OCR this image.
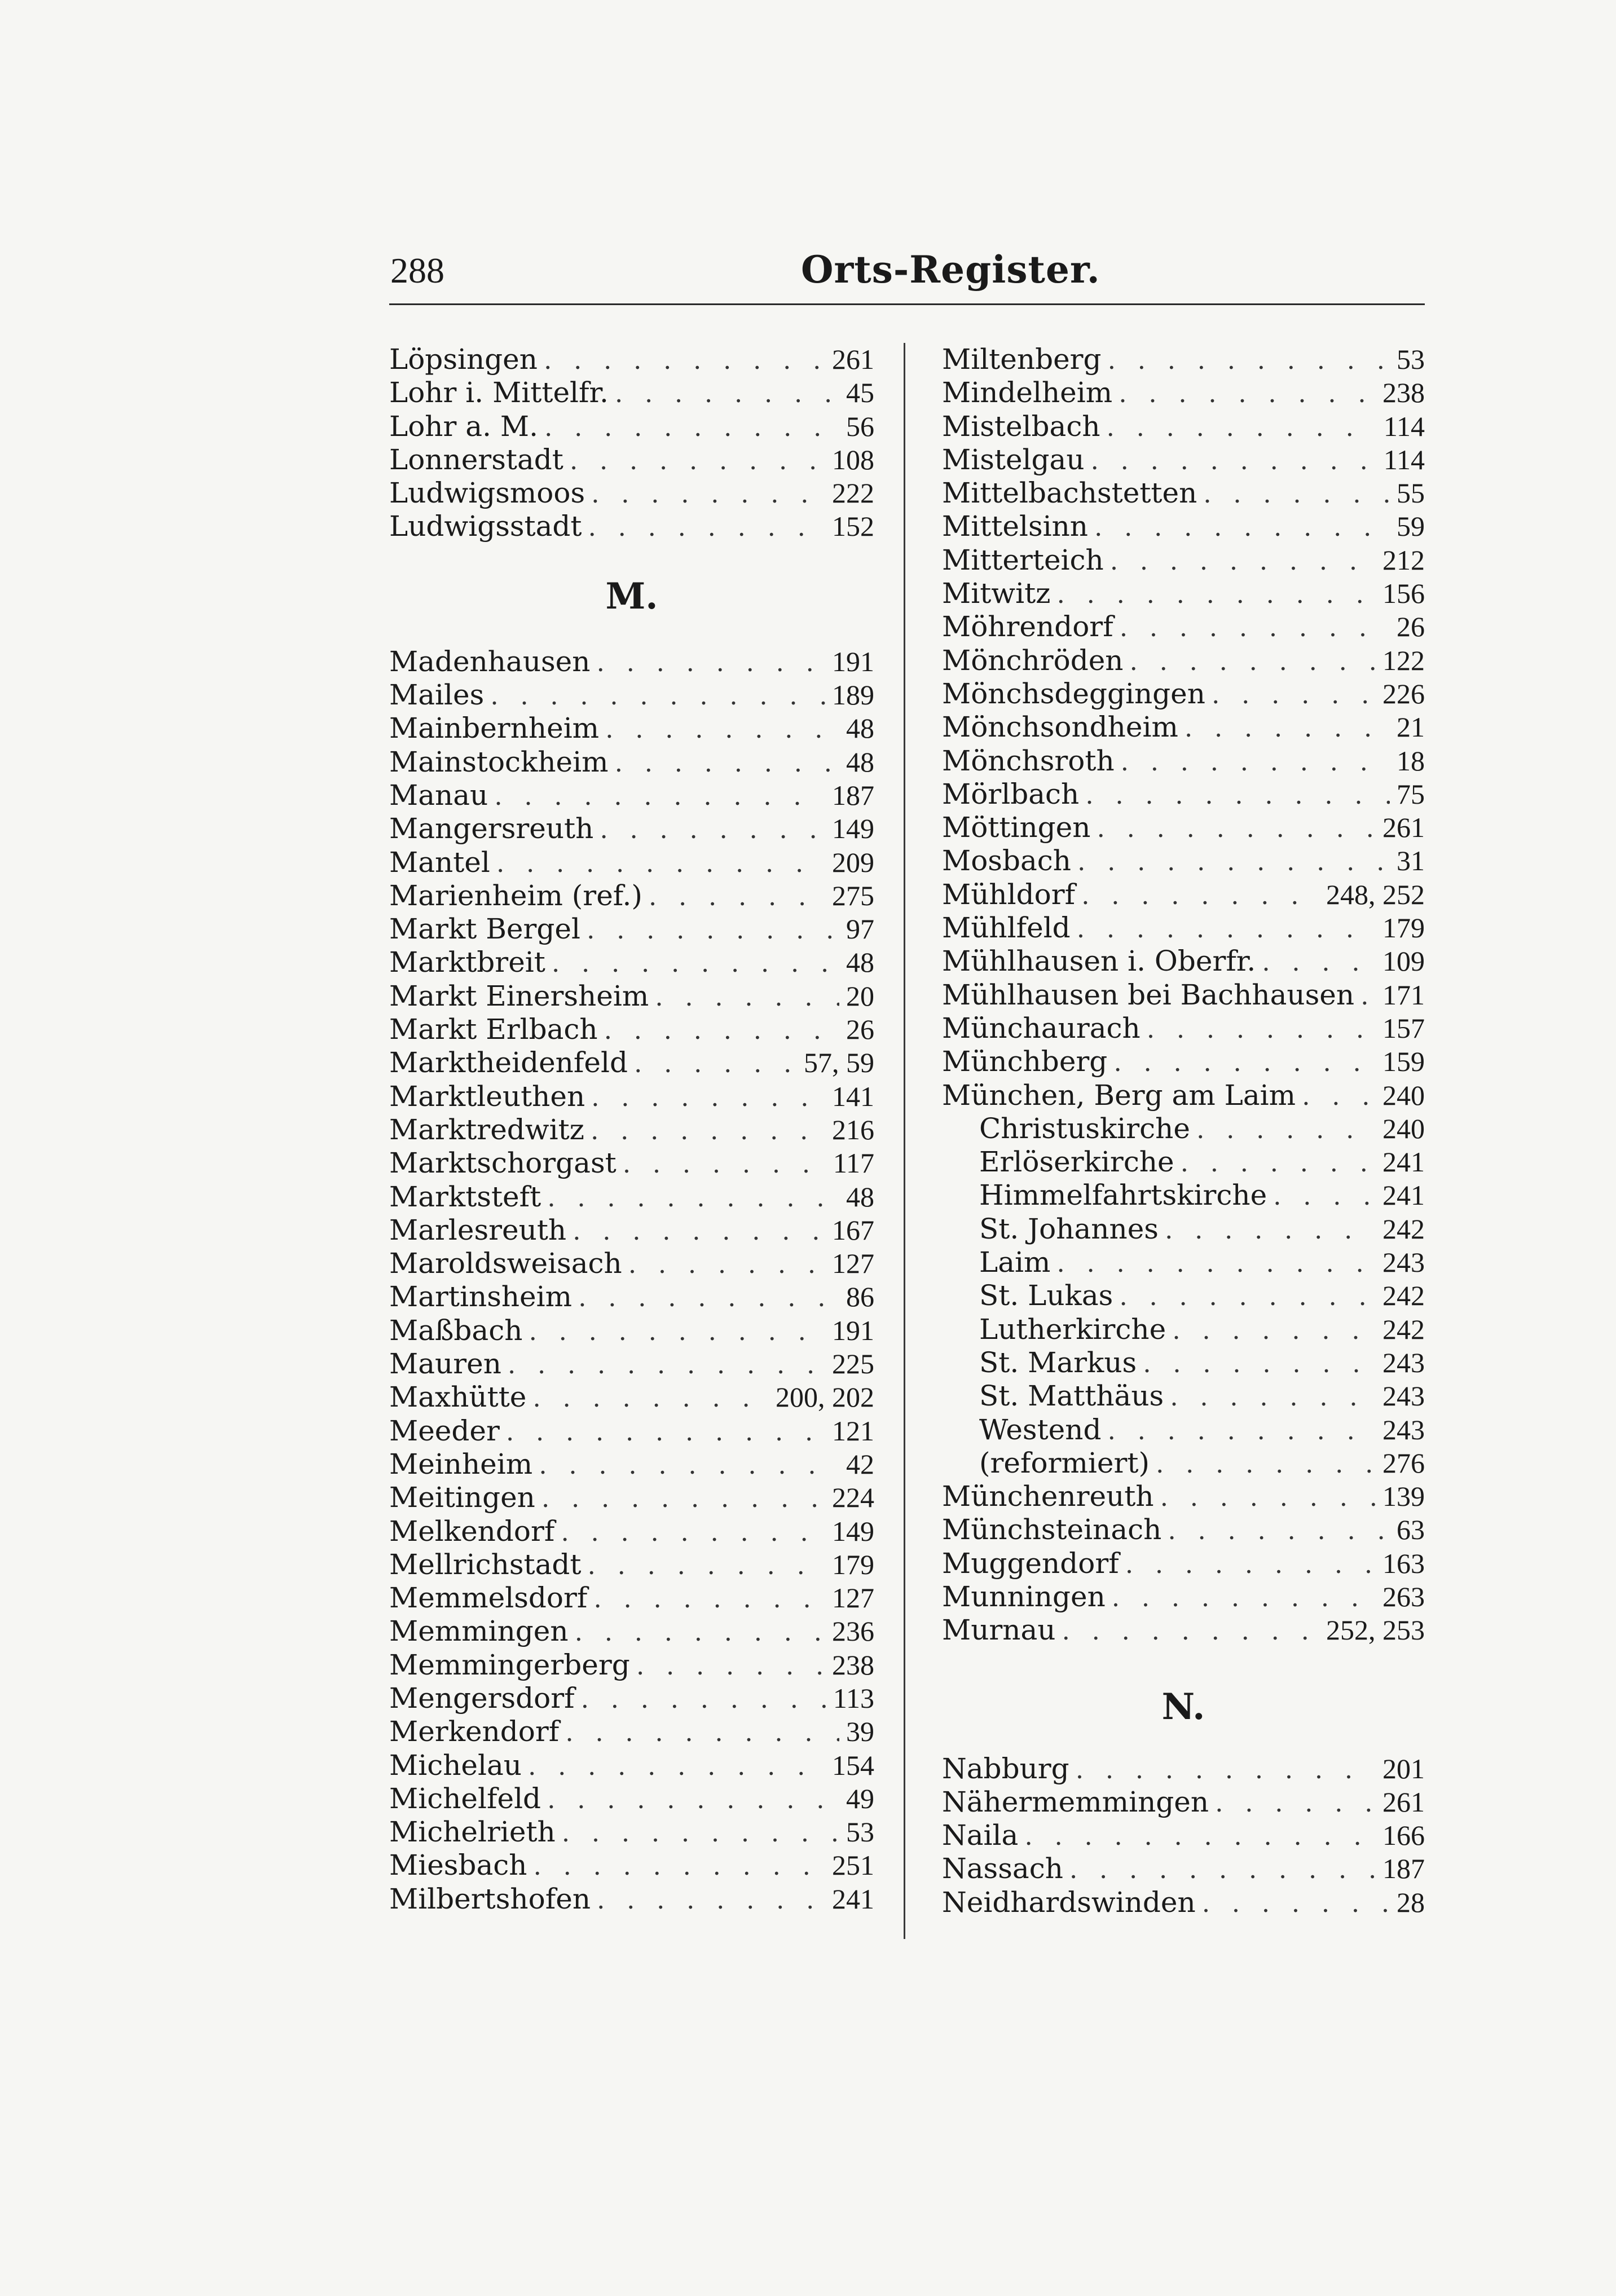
288	Orts-Register.
Löpsingen . . .	261
Lohr i. Mittelfr. . . .	45
Lohr a. M. . . .	56
Lonnerstadt . . .	108
Ludwigsmoos . . .	222
Ludwigsstadt . . .	152
M.
Madenhausen . . .	191
Mailes . . .	189
Mainbernheim . . .	48
Mainstockheim . . .	48
Manau . . .	187
Mangersreuth . . .	149
Mantel . . .	209
Marienheim (ref.) . . .	275
Markt Bergel . . .	97
Marktbreit . . .	48
Markt Einersheim . . .	20
Markt Erlbach . . .	26
Marktheidenfeld . . .	57, 59
Marktleuthen . . .	141
Marktredwitz . . .	216
Marktschorgast . . .	117
Marktsteft . . .	48
Marlesreuth . . .	167
Maroldsweisach . . .	127
Martinsheim . . .	86
Maßbach . . .	191
Mauren . . .	225
Maxhütte . . .	200, 202
Meeder . . .	121
Meinheim . . .	42
Meitingen . . .	224
Melkendorf . . .	149
Mellrichstadt . . .	179
Memmelsdorf . . .	127
Memmingen . . .	236
Memmingerberg . . .	238
Mengersdorf . . .	113
Merkendorf . . .	39
Michelau . . .	154
Michelfeld . . .	49
Michelrieth . . .	53
Miesbach . . .	251
Milbertshofen . . .	241
Miltenberg . . .	53
Mindelheim . . .	238
Mistelbach . . .	114
Mistelgau . . .	114
Mittelbachstetten . . .	55
Mittelsinn . . .	59
Mitterteich . . .	212
Mitwitz . . .	156
Möhrendorf . . .	26
Mönchröden . . .	122
Mönchsdeggingen . . .	226
Mönchsondheim . . .	21
Mönchsroth . . .	18
Mörlbach . . .	75
Möttingen . . .	261
Mosbach . . .	31
Mühldorf . . .	248, 252
Mühlfeld . . .	179
Mühlhausen i. Oberfr. . . .	109
Mühlhausen bei Bachhausen . . . 171
Münchaurach . . .	157
Münchberg . . .	159
München, Berg am Laim . . .	240
Christuskirche . . .	240
Erlöserkirche . . .	241
Himmelfahrtskirche . . .	241
St. Johannes . . .	242
Laim . . .	243
St. Lukas . . .	242
Lutherkirche . . .	242
St. Markus . . .	243
St. Matthäus . . .	243
Westend . . .	243
(reformiert) . . .	276
Münchenreuth . . .	139
Münchsteinach . . .	63
Muggendorf . . .	163
Munningen . . .	263
Murnau . . .	252, 253
N.
Nabburg . . .	201
Nähermemmingen . . .	261
Naila . . .	166
Nassach . . .	187
Neidhardswinden . . .	28
